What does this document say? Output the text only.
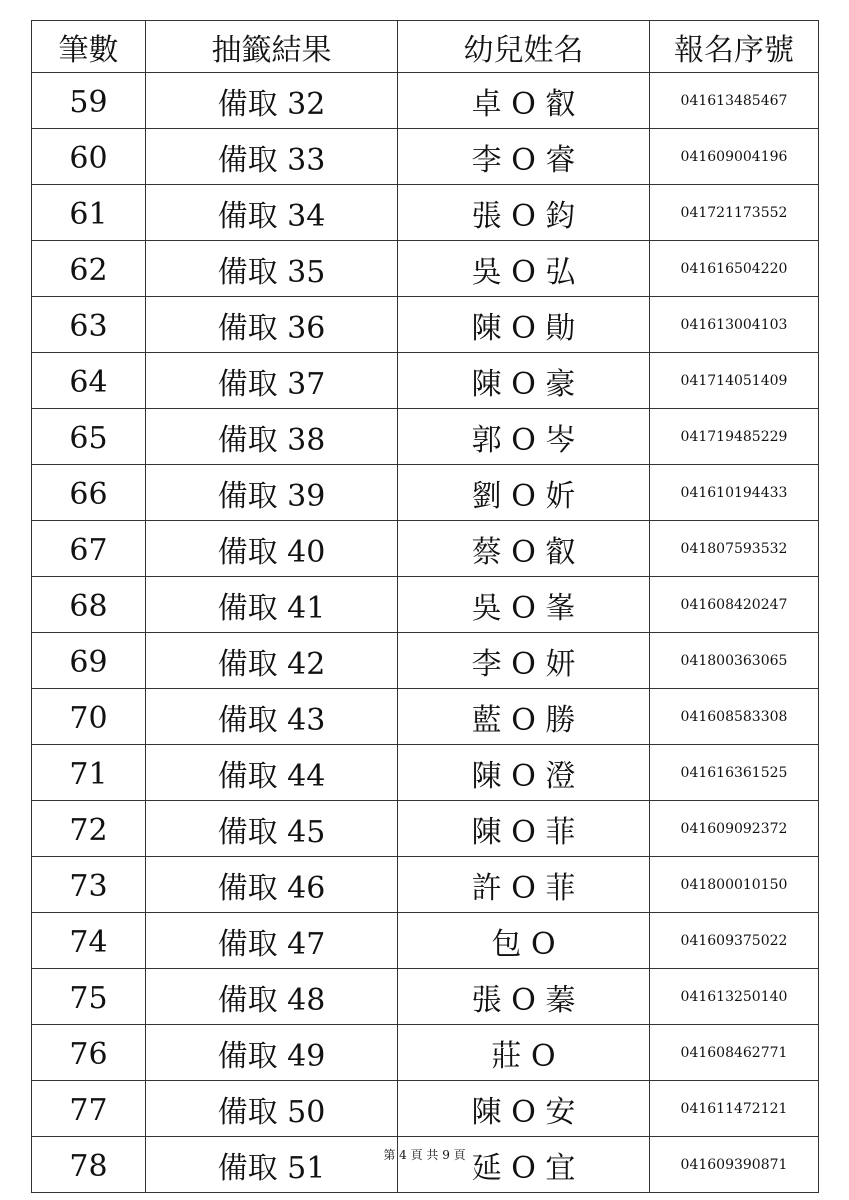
筆數	抽籤結果	幼兒姓名	報名序號
59	備取 32	卓 O 叡	041613485467
60	備取 33	李 O 睿	041609004196
61	備取 34	張 O 鈞	041721173552
62	備取 35	吳 O 弘	041616504220
63	備取 36	陳 O 勛	041613004103
64	備取 37	陳 O 豪	041714051409
65	備取 38	郭 O 岑	041719485229
66	備取 39	劉 O 妡	041610194433
67	備取 40	蔡 O 叡	041807593532
68	備取 41	吳 O 峯	041608420247
69	備取 42	李 O 妍	041800363065
70	備取 43	藍 O 勝	041608583308
71	備取 44	陳 O 澄	041616361525
72	備取 45	陳 O 菲	041609092372
73	備取 46	許 O 菲	041800010150
74	備取 47	包 O	041609375022
75	備取 48	張 O 蓁	041613250140
76	備取 49	莊 O	041608462771
77	備取 50	陳 O 安	041611472121
78	備取 51	延 O 宜	041609390871
第 4 頁 共 9 頁
